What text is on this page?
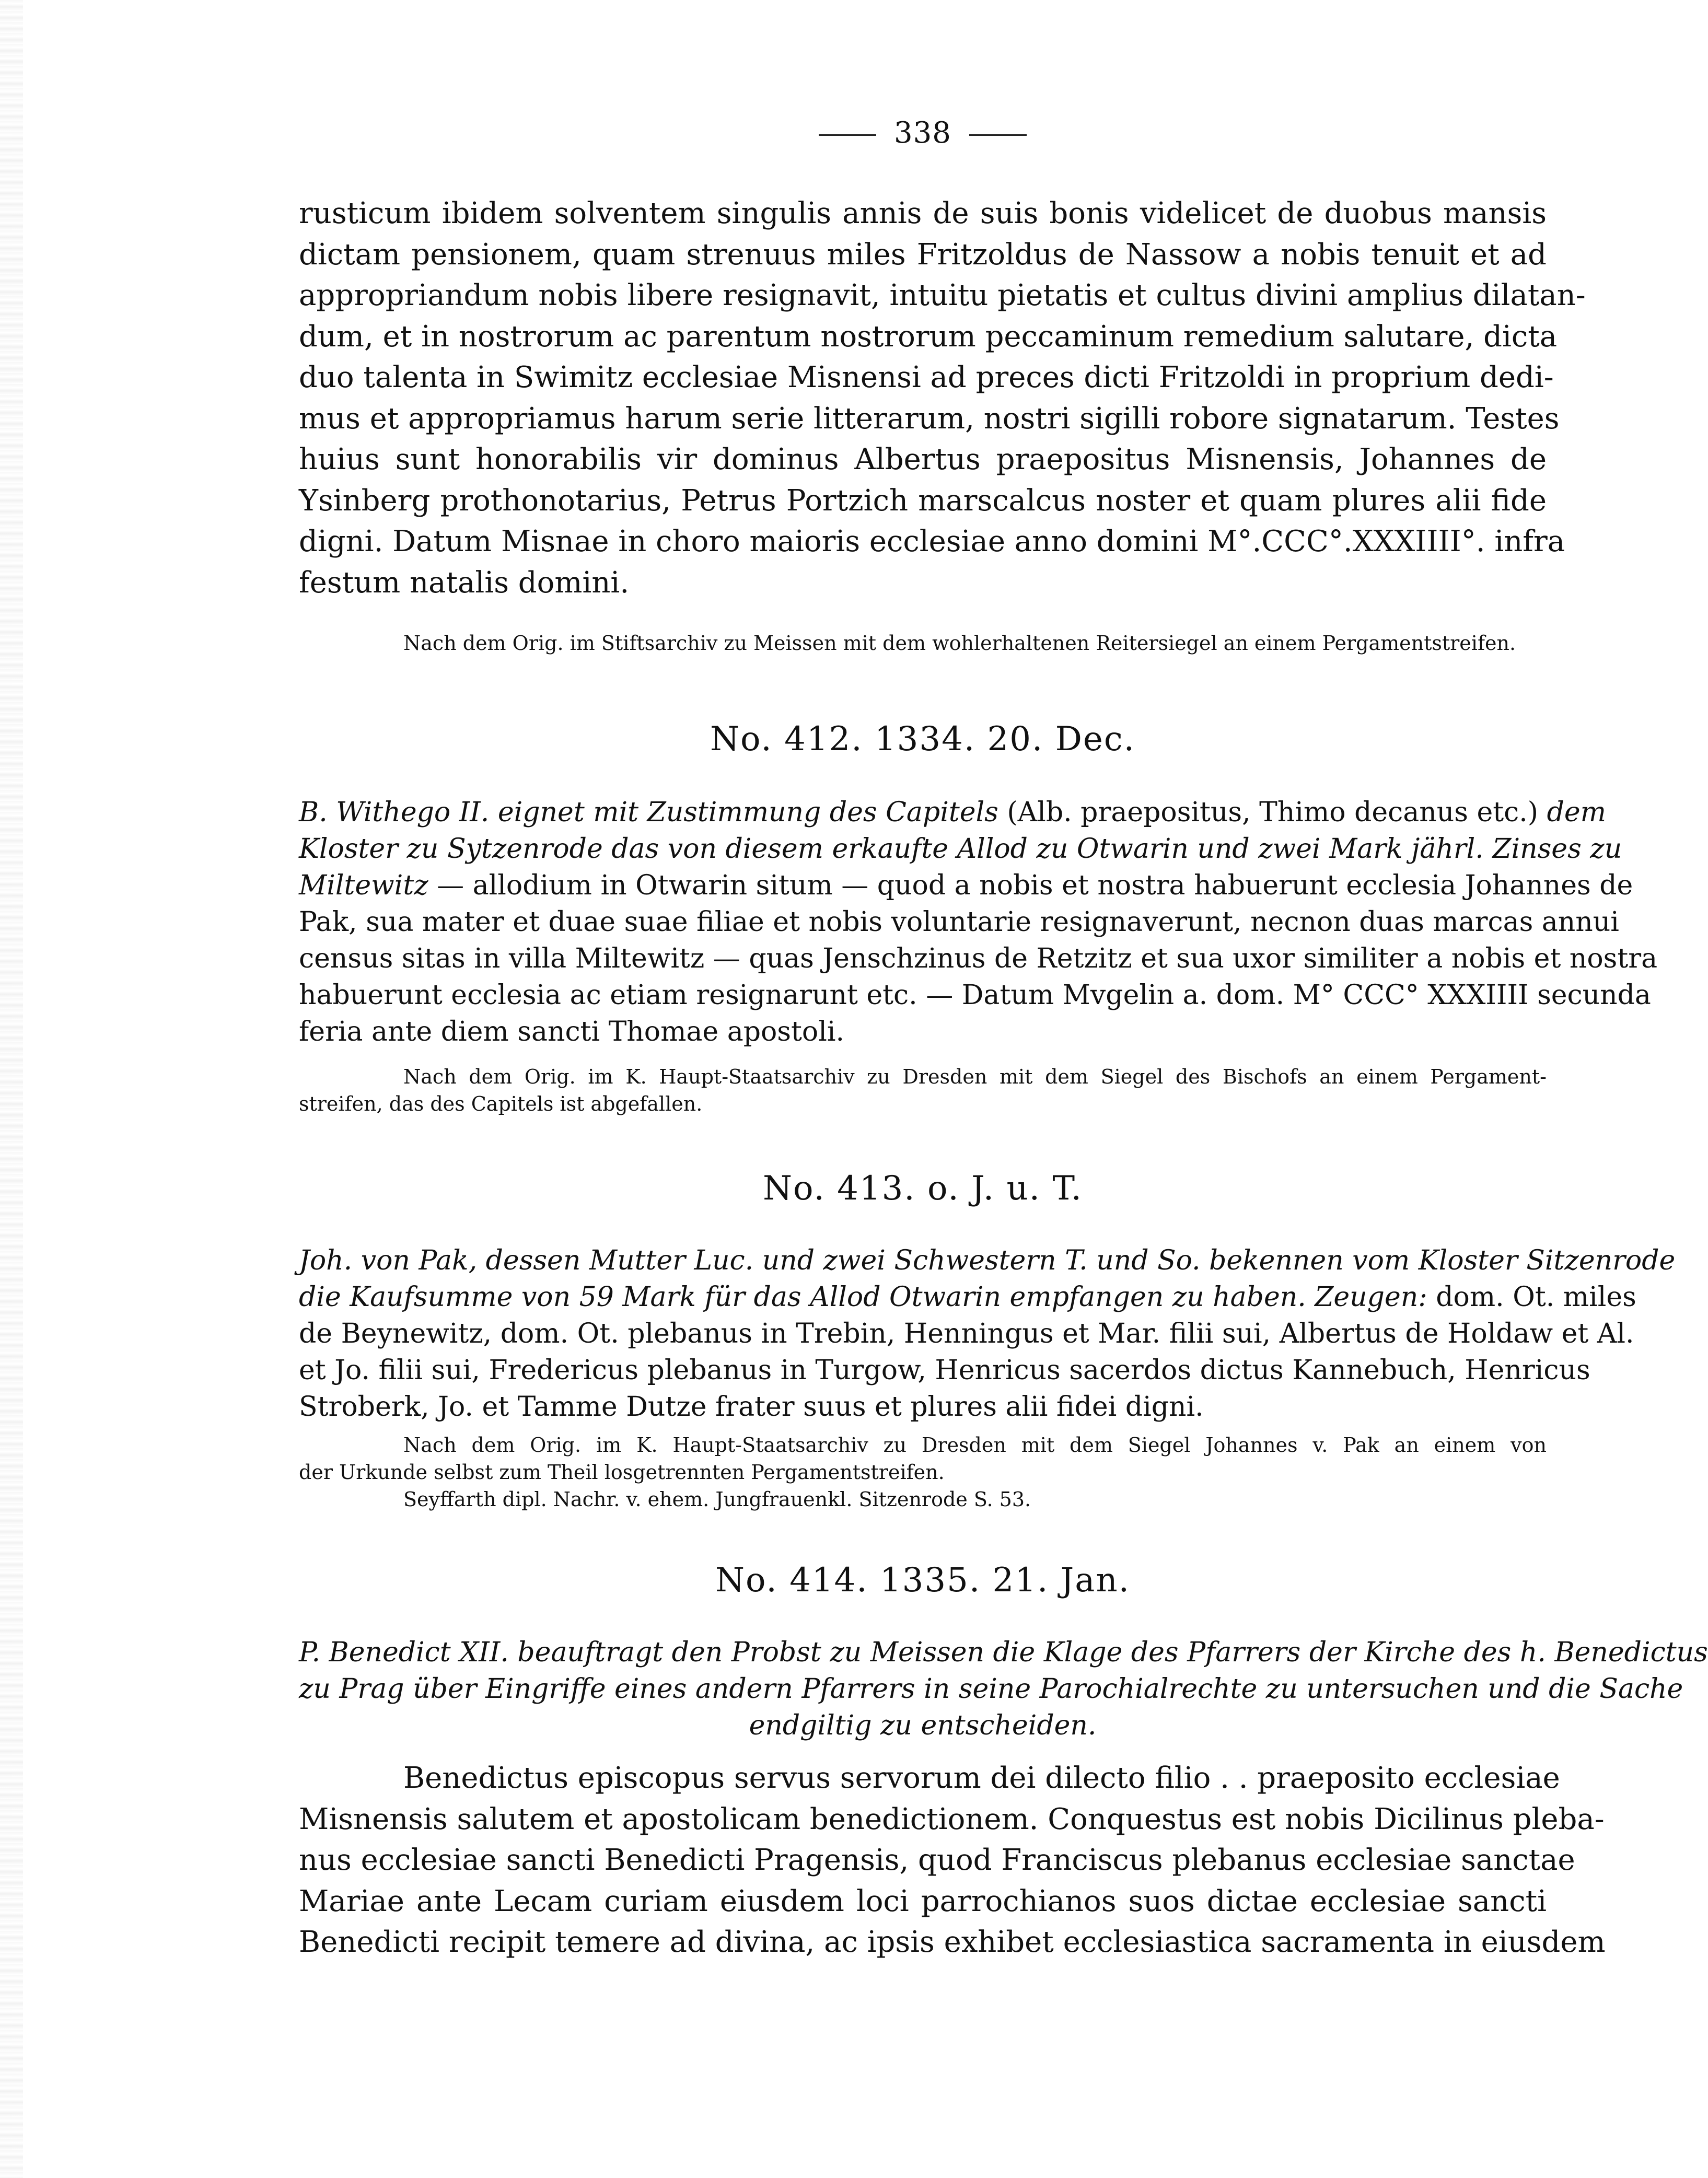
338
rusticum ibidem solventem singulis annis de suis bonis videlicet de duobus mansis
dictam pensionem, quam strenuus miles Fritzoldus de Nassow a nobis tenuit et ad
appropriandum nobis libere resignavit, intuitu pietatis et cultus divini amplius dilatan-
dum, et in nostrorum ac parentum nostrorum peccaminum remedium salutare, dicta
duo talenta in Swimitz ecclesiae Misnensi ad preces dicti Fritzoldi in proprium dedi-
mus et appropriamus harum serie litterarum, nostri sigilli robore signatarum. Testes
huius sunt honorabilis vir dominus Albertus praepositus Misnensis, Johannes de
Ysinberg prothonotarius, Petrus Portzich marscalcus noster et quam plures alii fide
digni. Datum Misnae in choro maioris ecclesiae anno domini M°.CCC°.XXXIIII°. infra
festum natalis domini.
Nach dem Orig. im Stiftsarchiv zu Meissen mit dem wohlerhaltenen Reitersiegel an einem Pergamentstreifen.
No. 412. 1334. 20. Dec.
B. Withego II. eignet mit Zustimmung des Capitels (Alb. praepositus, Thimo decanus etc.) dem
Kloster zu Sytzenrode das von diesem erkaufte Allod zu Otwarin und zwei Mark jährl. Zinses zu
Miltewitz — allodium in Otwarin situm — quod a nobis et nostra habuerunt ecclesia Johannes de
Pak, sua mater et duae suae filiae et nobis voluntarie resignaverunt, necnon duas marcas annui
census sitas in villa Miltewitz — quas Jenschzinus de Retzitz et sua uxor similiter a nobis et nostra
habuerunt ecclesia ac etiam resignarunt etc. — Datum Mvgelin a. dom. M° CCC° XXXIIII secunda
feria ante diem sancti Thomae apostoli.
Nach dem Orig. im K. Haupt-Staatsarchiv zu Dresden mit dem Siegel des Bischofs an einem Pergament-
streifen, das des Capitels ist abgefallen.
No. 413. o. J. u. T.
Joh. von Pak, dessen Mutter Luc. und zwei Schwestern T. und So. bekennen vom Kloster Sitzenrode
die Kaufsumme von 59 Mark für das Allod Otwarin empfangen zu haben. Zeugen: dom. Ot. miles
de Beynewitz, dom. Ot. plebanus in Trebin, Henningus et Mar. filii sui, Albertus de Holdaw et Al.
et Jo. filii sui, Fredericus plebanus in Turgow, Henricus sacerdos dictus Kannebuch, Henricus
Stroberk, Jo. et Tamme Dutze frater suus et plures alii fidei digni.
Nach dem Orig. im K. Haupt-Staatsarchiv zu Dresden mit dem Siegel Johannes v. Pak an einem von
der Urkunde selbst zum Theil losgetrennten Pergamentstreifen.
Seyffarth dipl. Nachr. v. ehem. Jungfrauenkl. Sitzenrode S. 53.
No. 414. 1335. 21. Jan.
P. Benedict XII. beauftragt den Probst zu Meissen die Klage des Pfarrers der Kirche des h. Benedictus
zu Prag über Eingriffe eines andern Pfarrers in seine Parochialrechte zu untersuchen und die Sache
endgiltig zu entscheiden.
Benedictus episcopus servus servorum dei dilecto filio . . praeposito ecclesiae
Misnensis salutem et apostolicam benedictionem. Conquestus est nobis Dicilinus pleba-
nus ecclesiae sancti Benedicti Pragensis, quod Franciscus plebanus ecclesiae sanctae
Mariae ante Lecam curiam eiusdem loci parrochianos suos dictae ecclesiae sancti
Benedicti recipit temere ad divina, ac ipsis exhibet ecclesiastica sacramenta in eiusdem
